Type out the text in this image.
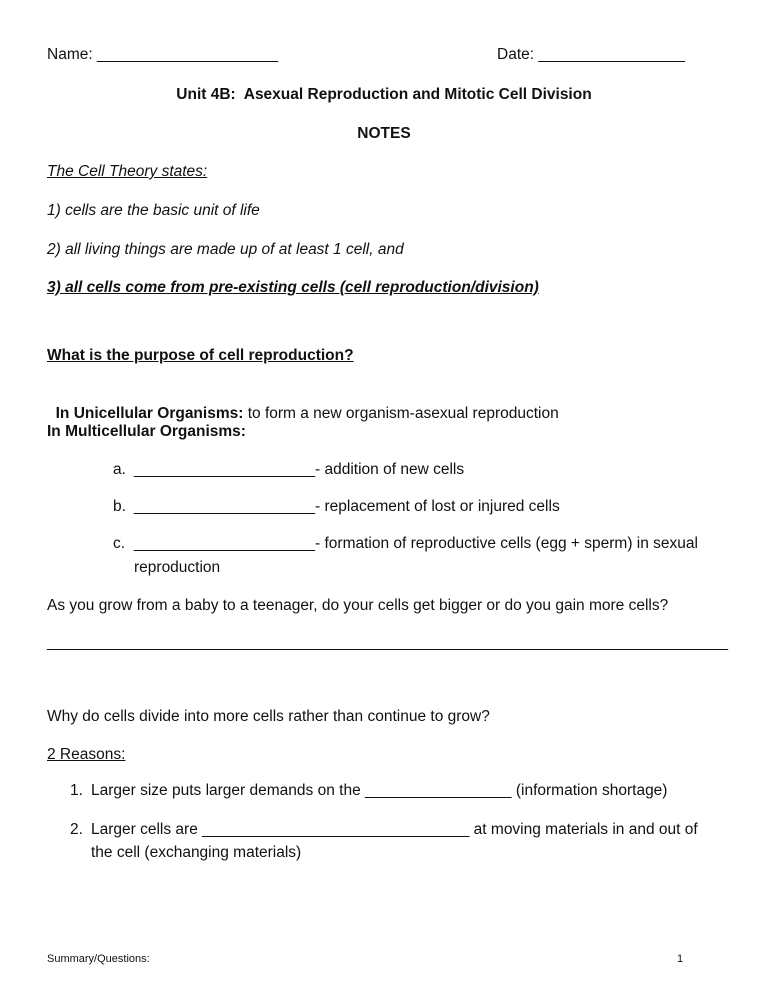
Name: _____________________	Date: _________________
Unit 4B:  Asexual Reproduction and Mitotic Cell Division
NOTES
The Cell Theory states:
1) cells are the basic unit of life
2) all living things are made up of at least 1 cell, and
3) all cells come from pre-existing cells (cell reproduction/division)
What is the purpose of cell reproduction?

In Unicellular Organisms: to form a new organism-asexual reproduction

In Multicellular Organisms:
a. _____________________- addition of new cells
b. _____________________- replacement of lost or injured cells
c. _____________________- formation of reproductive cells (egg + sperm) in sexual
reproduction
As you grow from a baby to a teenager, do your cells get bigger or do you gain more cells?
_______________________________________________________________________________
Why do cells divide into more cells rather than continue to grow?
2 Reasons:
1. Larger size puts larger demands on the _________________ (information shortage)
2. Larger cells are _______________________________ at moving materials in and out of
the cell (exchanging materials)
Summary/Questions:	1
